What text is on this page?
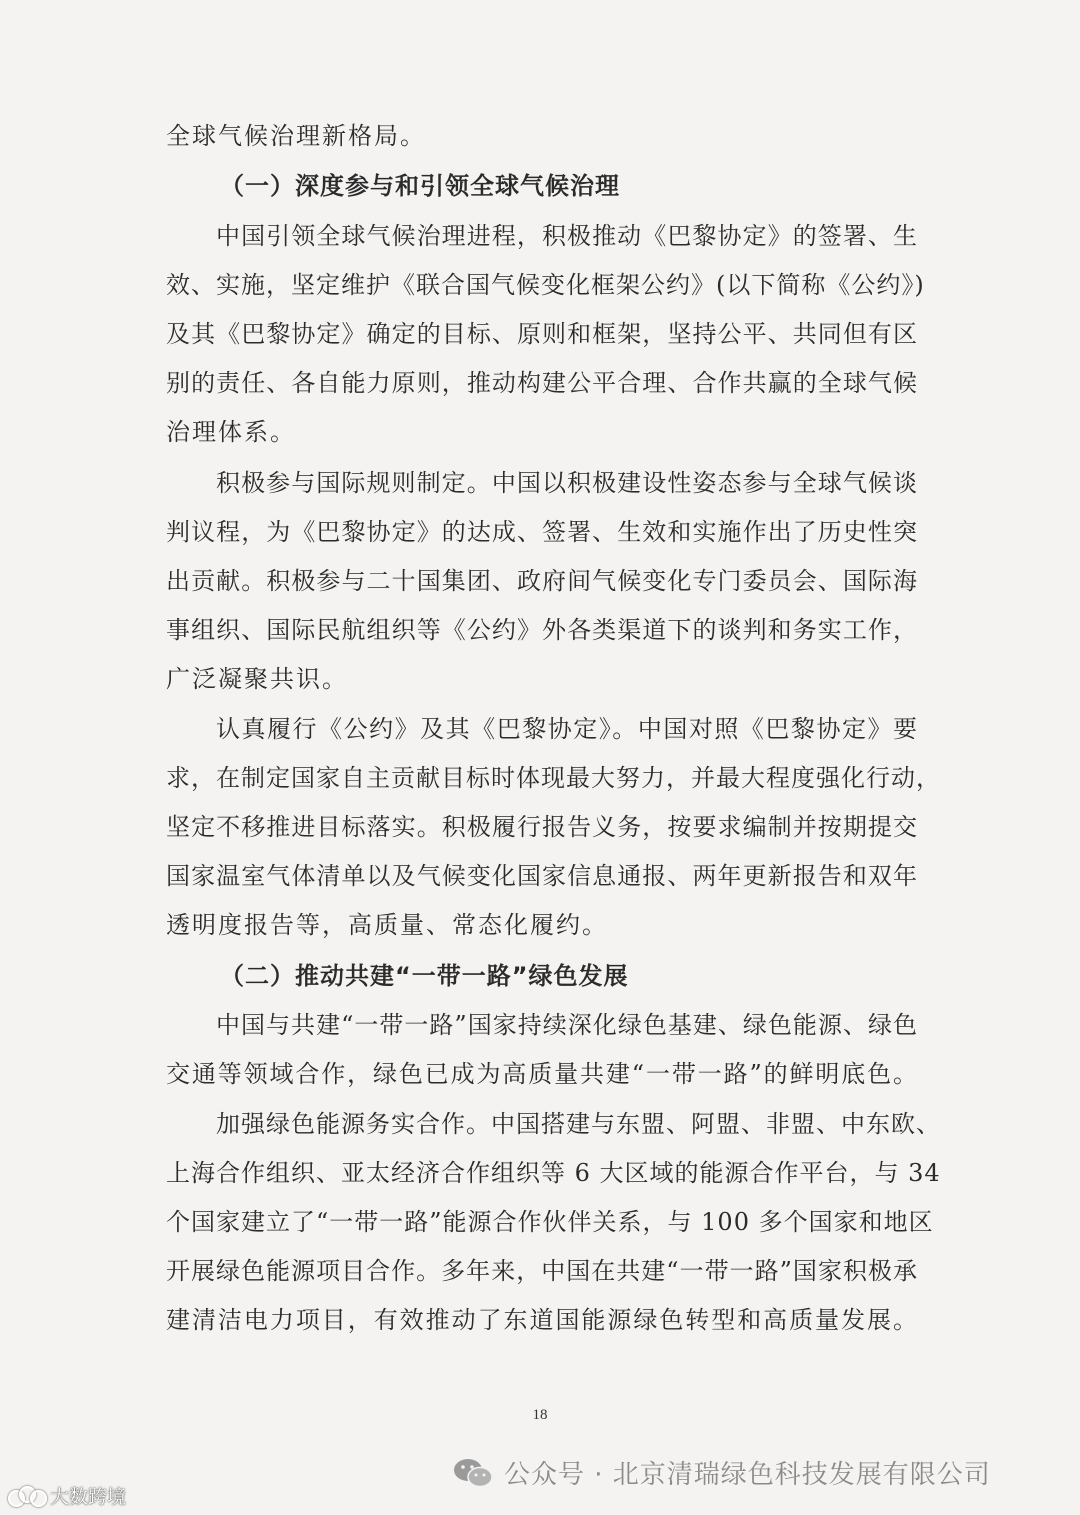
全球气候治理新格局。
（一）深度参与和引领全球气候治理
中国引领全球气候治理进程，积极推动《巴黎协定》的签署、生
效、实施，坚定维护《联合国气候变化框架公约》(以下简称《公约》)
及其《巴黎协定》确定的目标、原则和框架，坚持公平、共同但有区
别的责任、各自能力原则，推动构建公平合理、合作共赢的全球气候
治理体系。
积极参与国际规则制定。中国以积极建设性姿态参与全球气候谈
判议程，为《巴黎协定》的达成、签署、生效和实施作出了历史性突
出贡献。积极参与二十国集团、政府间气候变化专门委员会、国际海
事组织、国际民航组织等《公约》外各类渠道下的谈判和务实工作，
广泛凝聚共识。
认真履行《公约》及其《巴黎协定》。中国对照《巴黎协定》要
求，在制定国家自主贡献目标时体现最大努力，并最大程度强化行动，
坚定不移推进目标落实。积极履行报告义务，按要求编制并按期提交
国家温室气体清单以及气候变化国家信息通报、两年更新报告和双年
透明度报告等，高质量、常态化履约。
（二）推动共建“一带一路”绿色发展
中国与共建“一带一路”国家持续深化绿色基建、绿色能源、绿色
交通等领域合作，绿色已成为高质量共建“一带一路”的鲜明底色。
加强绿色能源务实合作。中国搭建与东盟、阿盟、非盟、中东欧、
上海合作组织、亚太经济合作组织等 6 大区域的能源合作平台，与 34
个国家建立了“一带一路”能源合作伙伴关系，与 100 多个国家和地区
开展绿色能源项目合作。多年来，中国在共建“一带一路”国家积极承
建清洁电力项目，有效推动了东道国能源绿色转型和高质量发展。
18
大数跨境
公众号 · 北京清瑞绿色科技发展有限公司
